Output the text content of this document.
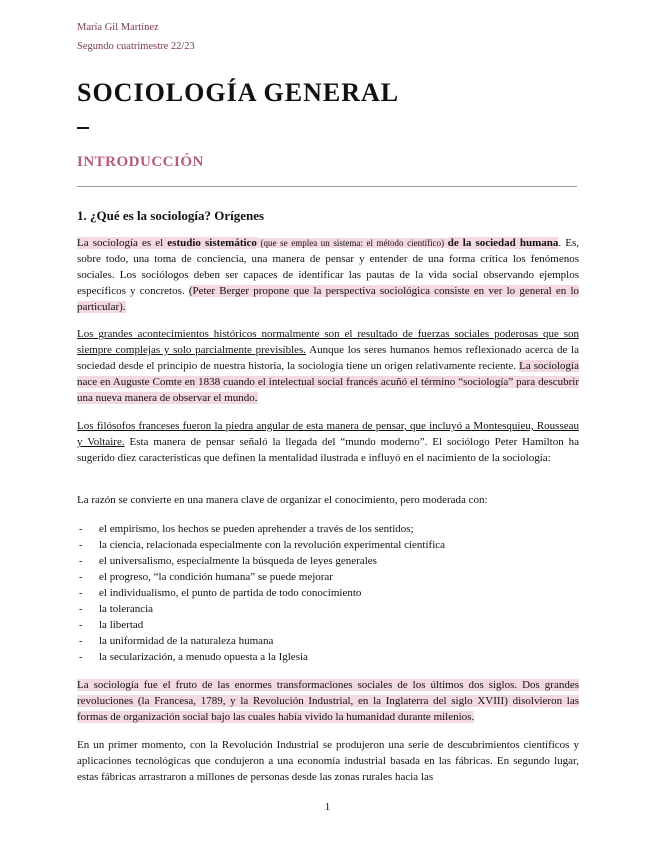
María Gil Martínez
Segundo cuatrimestre 22/23
SOCIOLOGÍA GENERAL
INTRODUCCIÓN
1. ¿Qué es la sociología? Orígenes
La sociología es el estudio sistemático (que se emplea un sistema: el método científico) de la sociedad humana. Es, sobre todo, una toma de conciencia, una manera de pensar y entender de una forma crítica los fenómenos sociales. Los sociólogos deben ser capaces de identificar las pautas de la vida social observando ejemplos específicos y concretos. (Peter Berger propone que la perspectiva sociológica consiste en ver lo general en lo particular).
Los grandes acontecimientos históricos normalmente son el resultado de fuerzas sociales poderosas que son siempre complejas y solo parcialmente previsibles. Aunque los seres humanos hemos reflexionado acerca de la sociedad desde el principio de nuestra historia, la sociología tiene un origen relativamente reciente. La sociología nace en Auguste Comte en 1838 cuando el intelectual social francés acuñó el término “sociología” para descubrir una nueva manera de observar el mundo.
Los filósofos franceses fueron la piedra angular de esta manera de pensar, que incluyó a Montesquieu, Rousseau y Voltaire. Esta manera de pensar señaló la llegada del “mundo moderno”. El sociólogo Peter Hamilton ha sugerido diez características que definen la mentalidad ilustrada e influyó en el nacimiento de la sociología:
La razón se convierte en una manera clave de organizar el conocimiento, pero moderada con:
- el empirismo, los hechos se pueden aprehender a través de los sentidos;
- la ciencia, relacionada especialmente con la revolución experimental científica
- el universalismo, especialmente la búsqueda de leyes generales
- el progreso, “la condición humana” se puede mejorar
- el individualismo, el punto de partida de todo conocimiento
- la tolerancia
- la libertad
- la uniformidad de la naturaleza humana
- la secularización, a menudo opuesta a la Iglesia
La sociología fue el fruto de las enormes transformaciones sociales de los últimos dos siglos. Dos grandes revoluciones (la Francesa, 1789, y la Revolución Industrial, en la Inglaterra del siglo XVIII) disolvieron las formas de organización social bajo las cuales había vivido la humanidad durante milenios.
En un primer momento, con la Revolución Industrial se produjeron una serie de descubrimientos científicos y aplicaciones tecnológicas que condujeron a una economía industrial basada en las fábricas. En segundo lugar, estas fábricas arrastraron a millones de personas desde las zonas rurales hacia las
1
